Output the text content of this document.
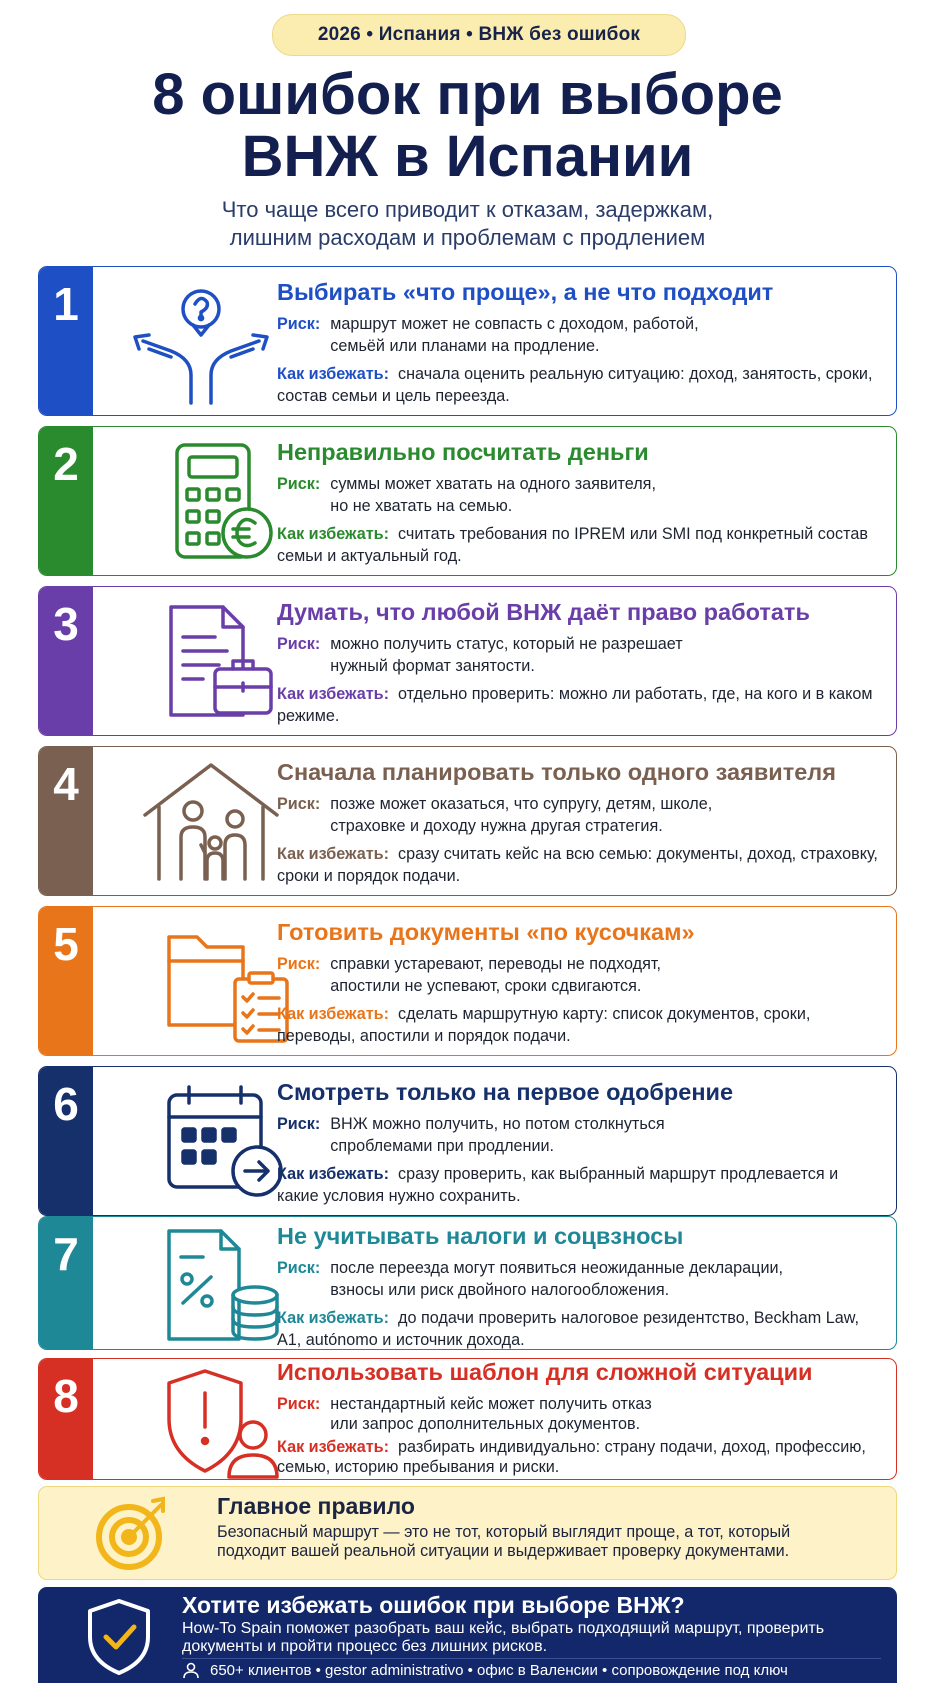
2026 • Испания • ВНЖ без ошибок
8 ошибок при выборе
ВНЖ в Испании
Что чаще всего приводит к отказам, задержкам,
лишним расходам и проблемам с продлением
1	Выбирать «что проще», а не что подходит
Риск: маршрут может не совпасть с доходом, работой,
семьёй или планами на продление.
Как избежать: сначала оценить реальную ситуацию: доход, занятость, сроки, состав семьи и цель переезда.
2	Неправильно посчитать деньги
Риск: суммы может хватать на одного заявителя,
но не хватать на семью.
Как избежать: считать требования по IPREM или SMI под конкретный состав семьи и актуальный год.
3	Думать, что любой ВНЖ даёт право работать
Риск: можно получить статус, который не разрешает
нужный формат занятости.
Как избежать: отдельно проверить: можно ли работать, где, на кого и в каком режиме.
4	Сначала планировать только одного заявителя
Риск: позже может оказаться, что супругу, детям, школе,
страховке и доходу нужна другая стратегия.
Как избежать: сразу считать кейс на всю семью: документы, доход, страховку, сроки и порядок подачи.
5	Готовить документы «по кусочкам»
Риск: справки устаревают, переводы не подходят,
апостили не успевают, сроки сдвигаются.
Как избежать: сделать маршрутную карту: список документов, сроки, переводы, апостили и порядок подачи.
6	Смотреть только на первое одобрение
Риск: ВНЖ можно получить, но потом столкнуться
спроблемами при продлении.
Как избежать: сразу проверить, как выбранный маршрут продлевается и какие условия нужно сохранить.
7	Не учитывать налоги и соцвзносы
Риск: после переезда могут появиться неожиданные декларации,
взносы или риск двойного налогообложения.
Как избежать: до подачи проверить налоговое резидентство, Beckham Law, A1, autónomo и источник дохода.
8	Использовать шаблон для сложной ситуации
Риск: нестандартный кейс может получить отказ
или запрос дополнительных документов.
Как избежать: разбирать индивидуально: страну подачи, доход, профессию, семью, историю пребывания и риски.
Главное правило

Безопасный маршрут — это не тот, который выглядит проще, а тот, который подходит вашей реальной ситуации и выдерживает проверку документами.

Хотите избежать ошибок при выборе ВНЖ?

How-To Spain поможет разобрать ваш кейс, выбрать подходящий маршрут, проверить документы и пройти процесс без лишних рисков.

650+ клиентов • gestor administrativo • офис в Валенсии • сопровождение под ключ
